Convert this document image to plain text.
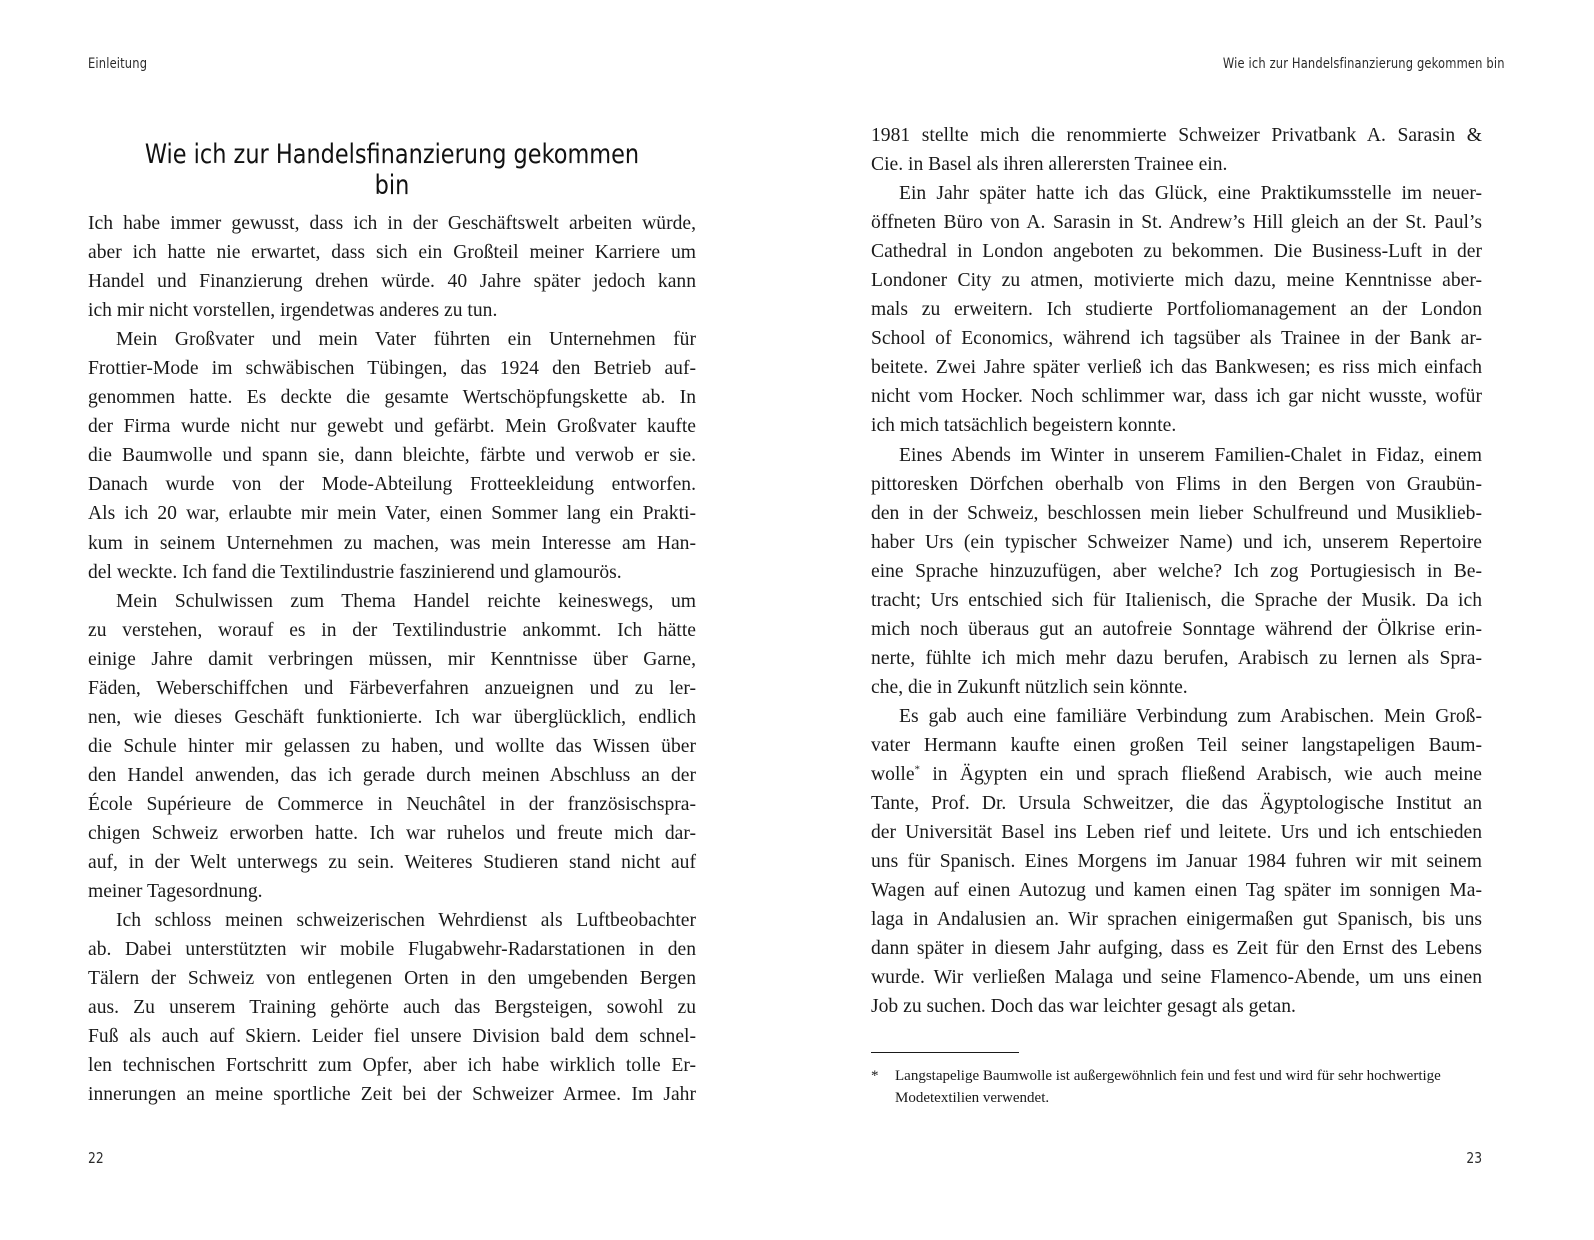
Einleitung
Wie ich zur Handelsfinanzierung gekommen bin
Ich habe immer gewusst, dass ich in der Geschäftswelt arbeiten würde,
aber ich hatte nie erwartet, dass sich ein Großteil meiner Karriere um
Handel und Finanzierung drehen würde. 40 Jahre später jedoch kann
ich mir nicht vorstellen, irgendetwas anderes zu tun.
Mein Großvater und mein Vater führten ein Unternehmen für
Frottier-Mode im schwäbischen Tübingen, das 1924 den Betrieb auf-
genommen hatte. Es deckte die gesamte Wertschöpfungskette ab. In
der Firma wurde nicht nur gewebt und gefärbt. Mein Großvater kaufte
die Baumwolle und spann sie, dann bleichte, färbte und verwob er sie.
Danach wurde von der Mode-Abteilung Frotteekleidung entworfen.
Als ich 20 war, erlaubte mir mein Vater, einen Sommer lang ein Prakti-
kum in seinem Unternehmen zu machen, was mein Interesse am Han-
del weckte. Ich fand die Textilindustrie faszinierend und glamourös.
Mein Schulwissen zum Thema Handel reichte keineswegs, um
zu verstehen, worauf es in der Textilindustrie ankommt. Ich hätte
einige Jahre damit verbringen müssen, mir Kenntnisse über Garne,
Fäden, Weberschiffchen und Färbeverfahren anzueignen und zu ler-
nen, wie dieses Geschäft funktionierte. Ich war überglücklich, endlich
die Schule hinter mir gelassen zu haben, und wollte das Wissen über
den Handel anwenden, das ich gerade durch meinen Abschluss an der
École Supérieure de Commerce in Neuchâtel in der französischspra-
chigen Schweiz erworben hatte. Ich war ruhelos und freute mich dar-
auf, in der Welt unterwegs zu sein. Weiteres Studieren stand nicht auf
meiner Tagesordnung.
Ich schloss meinen schweizerischen Wehrdienst als Luftbeobachter
ab. Dabei unterstützten wir mobile Flugabwehr-Radarstationen in den
Tälern der Schweiz von entlegenen Orten in den umgebenden Bergen
aus. Zu unserem Training gehörte auch das Bergsteigen, sowohl zu
Fuß als auch auf Skiern. Leider fiel unsere Division bald dem schnel-
len technischen Fortschritt zum Opfer, aber ich habe wirklich tolle Er-
innerungen an meine sportliche Zeit bei der Schweizer Armee. Im Jahr
22
Wie ich zur Handelsfinanzierung gekommen bin
1981 stellte mich die renommierte Schweizer Privatbank A. Sarasin &
Cie. in Basel als ihren allerersten Trainee ein.
Ein Jahr später hatte ich das Glück, eine Praktikumsstelle im neuer-
öffneten Büro von A. Sarasin in St. Andrew’s Hill gleich an der St. Paul’s
Cathedral in London angeboten zu bekommen. Die Business-Luft in der
Londoner City zu atmen, motivierte mich dazu, meine Kenntnisse aber-
mals zu erweitern. Ich studierte Portfoliomanagement an der London
School of Economics, während ich tagsüber als Trainee in der Bank ar-
beitete. Zwei Jahre später verließ ich das Bankwesen; es riss mich einfach
nicht vom Hocker. Noch schlimmer war, dass ich gar nicht wusste, wofür
ich mich tatsächlich begeistern konnte.
Eines Abends im Winter in unserem Familien-Chalet in Fidaz, einem
pittoresken Dörfchen oberhalb von Flims in den Bergen von Graubün-
den in der Schweiz, beschlossen mein lieber Schulfreund und Musiklieb-
haber Urs (ein typischer Schweizer Name) und ich, unserem Repertoire
eine Sprache hinzuzufügen, aber welche? Ich zog Portugiesisch in Be-
tracht; Urs entschied sich für Italienisch, die Sprache der Musik. Da ich
mich noch überaus gut an autofreie Sonntage während der Ölkrise erin-
nerte, fühlte ich mich mehr dazu berufen, Arabisch zu lernen als Spra-
che, die in Zukunft nützlich sein könnte.
Es gab auch eine familiäre Verbindung zum Arabischen. Mein Groß-
vater Hermann kaufte einen großen Teil seiner langstapeligen Baum-
wolle* in Ägypten ein und sprach fließend Arabisch, wie auch meine
Tante, Prof. Dr. Ursula Schweitzer, die das Ägyptologische Institut an
der Universität Basel ins Leben rief und leitete. Urs und ich entschieden
uns für Spanisch. Eines Morgens im Januar 1984 fuhren wir mit seinem
Wagen auf einen Autozug und kamen einen Tag später im sonnigen Ma-
laga in Andalusien an. Wir sprachen einigermaßen gut Spanisch, bis uns
dann später in diesem Jahr aufging, dass es Zeit für den Ernst des Lebens
wurde. Wir verließen Malaga und seine Flamenco-Abende, um uns einen
Job zu suchen. Doch das war leichter gesagt als getan.
* Langstapelige Baumwolle ist außergewöhnlich fein und fest und wird für sehr hochwertige
Modetextilien verwendet.
23
